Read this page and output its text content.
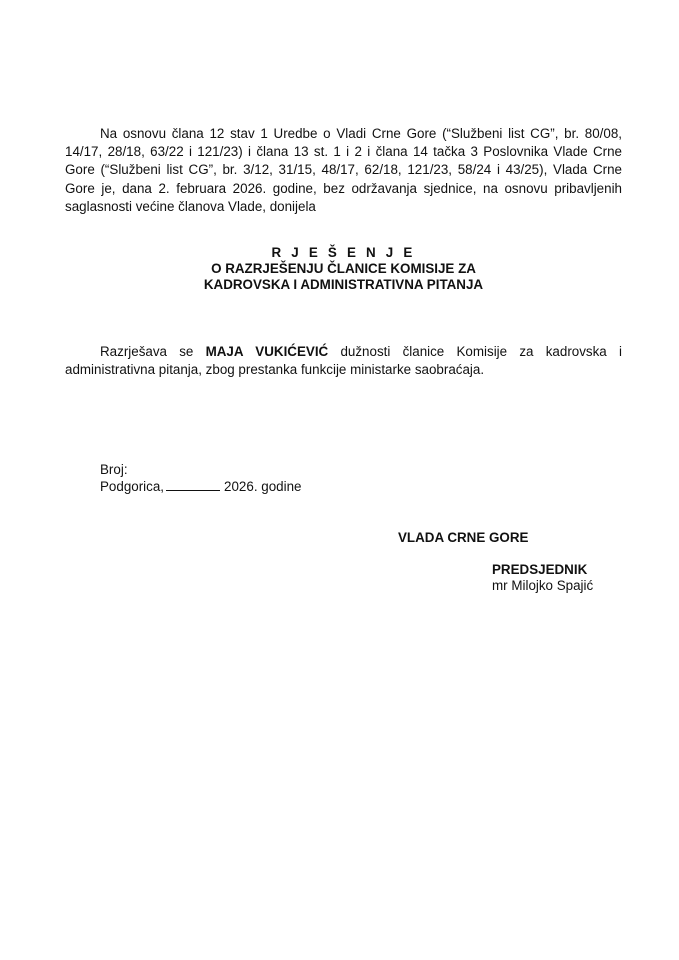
Na osnovu člana 12 stav 1 Uredbe o Vladi Crne Gore (“Službeni list CG”, br. 80/08, 14/17, 28/18, 63/22 i 121/23) i člana 13 st. 1 i 2 i člana 14 tačka 3 Poslovnika Vlade Crne Gore (“Službeni list CG”, br. 3/12, 31/15, 48/17, 62/18, 121/23, 58/24 i 43/25), Vlada Crne Gore je, dana 2. februara 2026. godine, bez održavanja sjednice, na osnovu pribavljenih saglasnosti većine članova Vlade, donijela
R J E Š E N J E
O RAZRJEŠENJU ČLANICE KOMISIJE ZA
KADROVSKA I ADMINISTRATIVNA PITANJA
Razrješava se MAJA VUKIĆEVIĆ dužnosti članice Komisije za kadrovska i administrativna pitanja, zbog prestanka funkcije ministarke saobraćaja.
Broj:
Podgorica,	2026. godine
VLADA CRNE GORE
PREDSJEDNIK
mr Milojko Spajić
